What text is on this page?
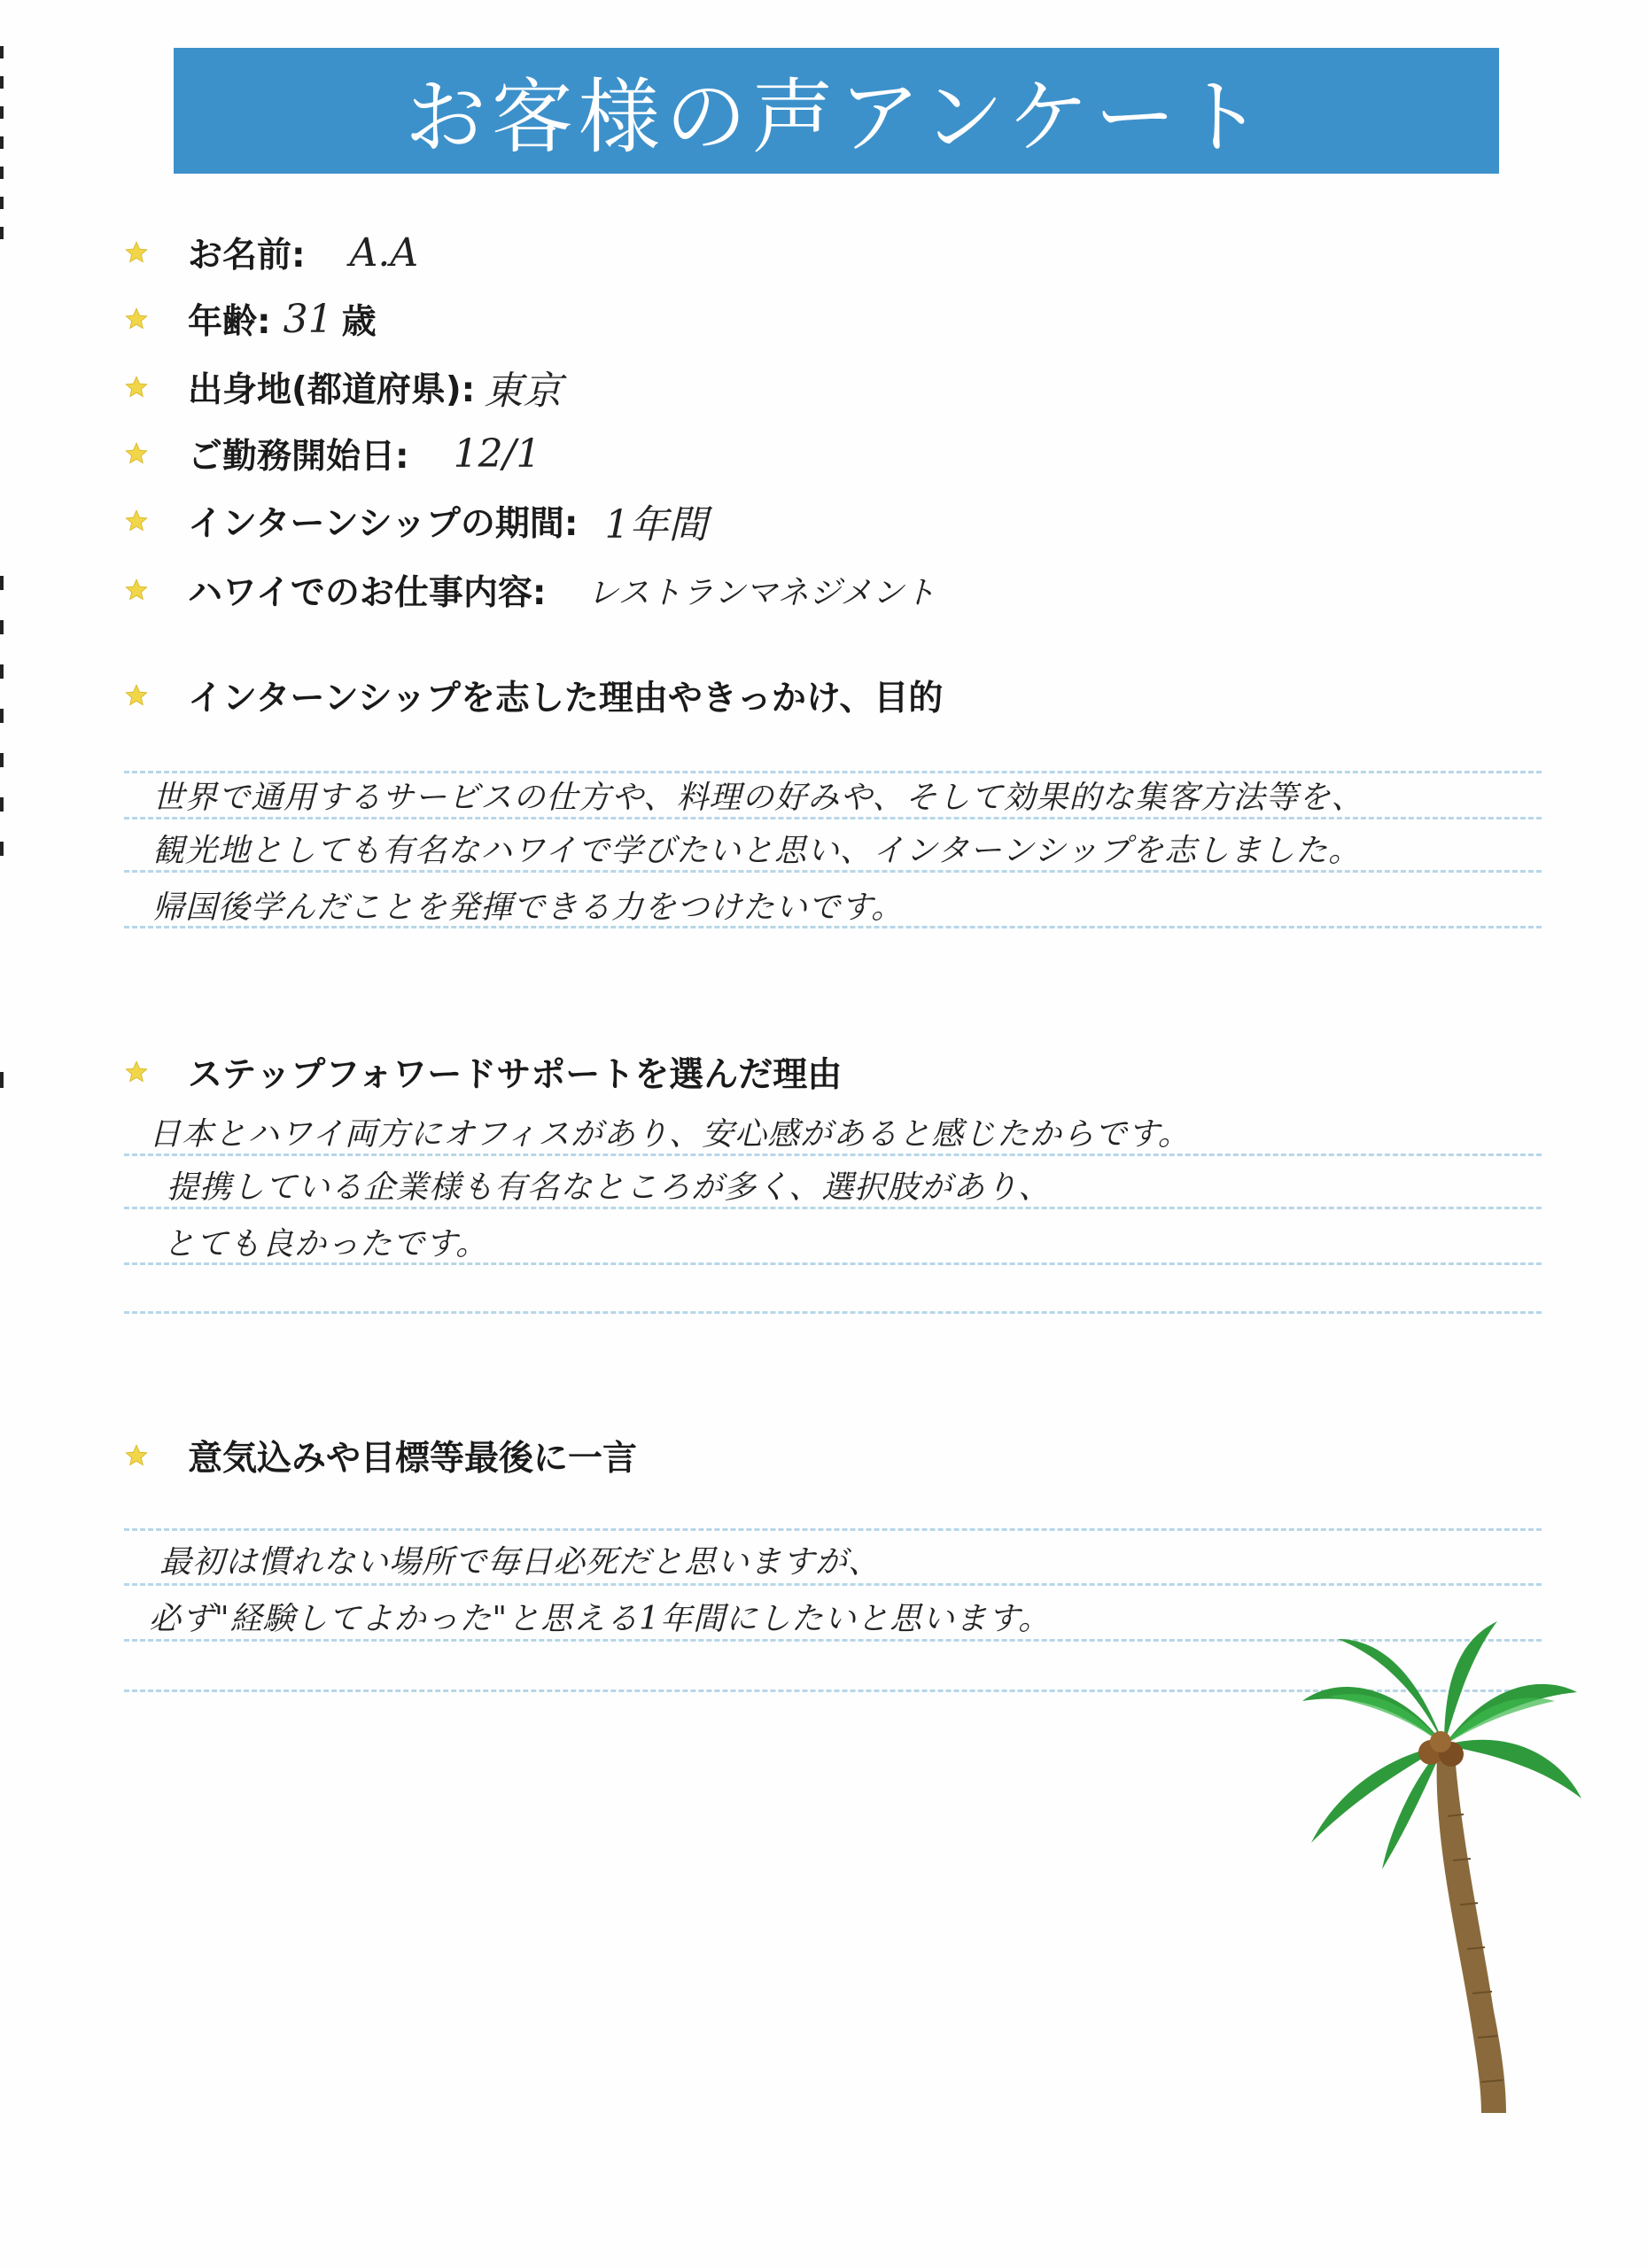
お客様の声アンケート
お名前: A.A
年齢: 31 歳
出身地(都道府県): 東京
ご勤務開始日: 12/1
インターンシップの期間: 1年間
ハワイでのお仕事内容: レストランマネジメント
インターンシップを志した理由やきっかけ、目的
世界で通用するサービスの仕方や、料理の好みや、そして効果的な集客方法等を、
観光地としても有名なハワイで学びたいと思い、インターンシップを志しました。
帰国後学んだことを発揮できる力をつけたいです。
ステップフォワードサポートを選んだ理由
日本とハワイ両方にオフィスがあり、安心感があると感じたからです。
提携している企業様も有名なところが多く、選択肢があり、
とても良かったです。
意気込みや目標等最後に一言
最初は慣れない場所で毎日必死だと思いますが、
必ず"経験してよかった"と思える1年間にしたいと思います。
